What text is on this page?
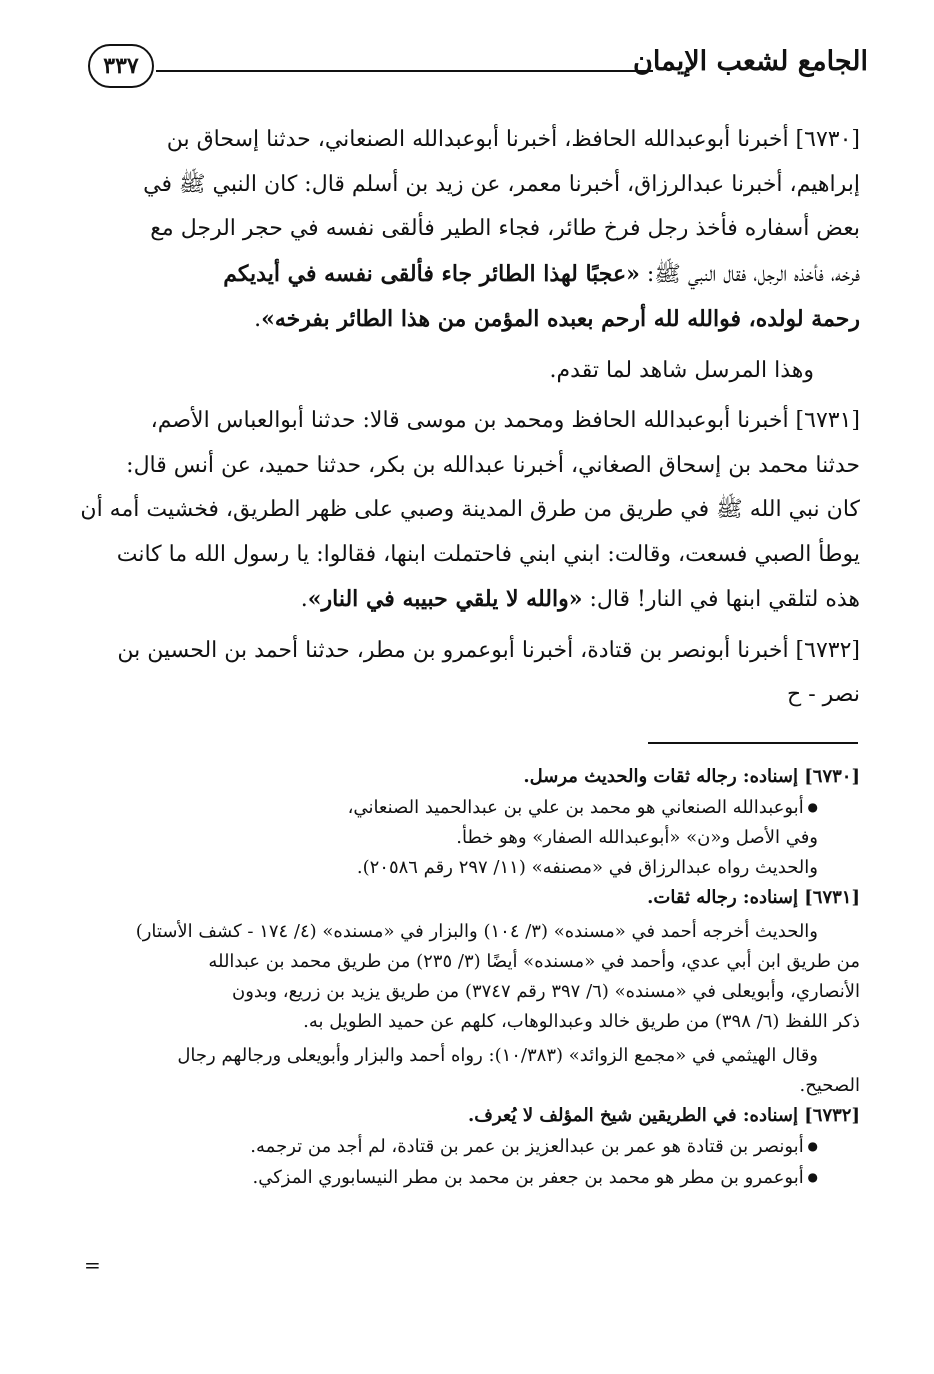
الجامع لشعب الإيمان
٣٣٧

[٦٧٣٠] أخبرنا أبوعبدالله الحافظ، أخبرنا أبوعبدالله الصنعاني، حدثنا إسحاق بن

إبراهيم، أخبرنا عبدالرزاق، أخبرنا معمر، عن زيد بن أسلم قال: كان النبي ﷺ في

بعض أسفاره فأخذ رجل فرخ طائر، فجاء الطير فألقى نفسه في حجر الرجل مع

فرخه، فأخذه الرجل، فقال النبي ﷺ: «عجبًا لهذا الطائر جاء فألقى نفسه في أيديكم

رحمة لولده، فوالله لله أرحم بعبده المؤمن من هذا الطائر بفرخه».

وهذا المرسل شاهد لما تقدم.

[٦٧٣١] أخبرنا أبوعبدالله الحافظ ومحمد بن موسى قالا: حدثنا أبوالعباس الأصم،

حدثنا محمد بن إسحاق الصغاني، أخبرنا عبدالله بن بكر، حدثنا حميد، عن أنس قال:

كان نبي الله ﷺ في طريق من طرق المدينة وصبي على ظهر الطريق، فخشيت أمه أن

يوطأ الصبي فسعت، وقالت: ابني ابني فاحتملت ابنها، فقالوا: يا رسول الله ما كانت

هذه لتلقي ابنها في النار! قال: «والله لا يلقي حبيبه في النار».

[٦٧٣٢] أخبرنا أبونصر بن قتادة، أخبرنا أبوعمرو بن مطر، حدثنا أحمد بن الحسين بن

نصر - ح

[٦٧٣٠] إسناده: رجاله ثقات والحديث مرسل.

● أبوعبدالله الصنعاني هو محمد بن علي بن عبدالحميد الصنعاني،

وفي الأصل و«ن» «أبوعبدالله الصفار» وهو خطأ.

والحديث رواه عبدالرزاق في «مصنفه» (١١/ ٢٩٧ رقم ٢٠٥٨٦).

[٦٧٣١] إسناده: رجاله ثقات.

والحديث أخرجه أحمد في «مسنده» (٣/ ١٠٤) والبزار في «مسنده» (٤/ ١٧٤ - كشف الأستار)

من طريق ابن أبي عدي، وأحمد في «مسنده» أيضًا (٣/ ٢٣٥) من طريق محمد بن عبدالله

الأنصاري، وأبويعلى في «مسنده» (٦/ ٣٩٧ رقم ٣٧٤٧) من طريق يزيد بن زريع، وبدون

ذكر اللفظ (٦/ ٣٩٨) من طريق خالد وعبدالوهاب، كلهم عن حميد الطويل به.

وقال الهيثمي في «مجمع الزوائد» (١٠/٣٨٣): رواه أحمد والبزار وأبويعلى ورجالهم رجال

الصحيح.

[٦٧٣٢] إسناده: في الطريقين شيخ المؤلف لا يُعرف.

● أبونصر بن قتادة هو عمر بن عبدالعزيز بن عمر بن قتادة، لم أجد من ترجمه.

● أبوعمرو بن مطر هو محمد بن جعفر بن محمد بن مطر النيسابوري المزكي.

=
